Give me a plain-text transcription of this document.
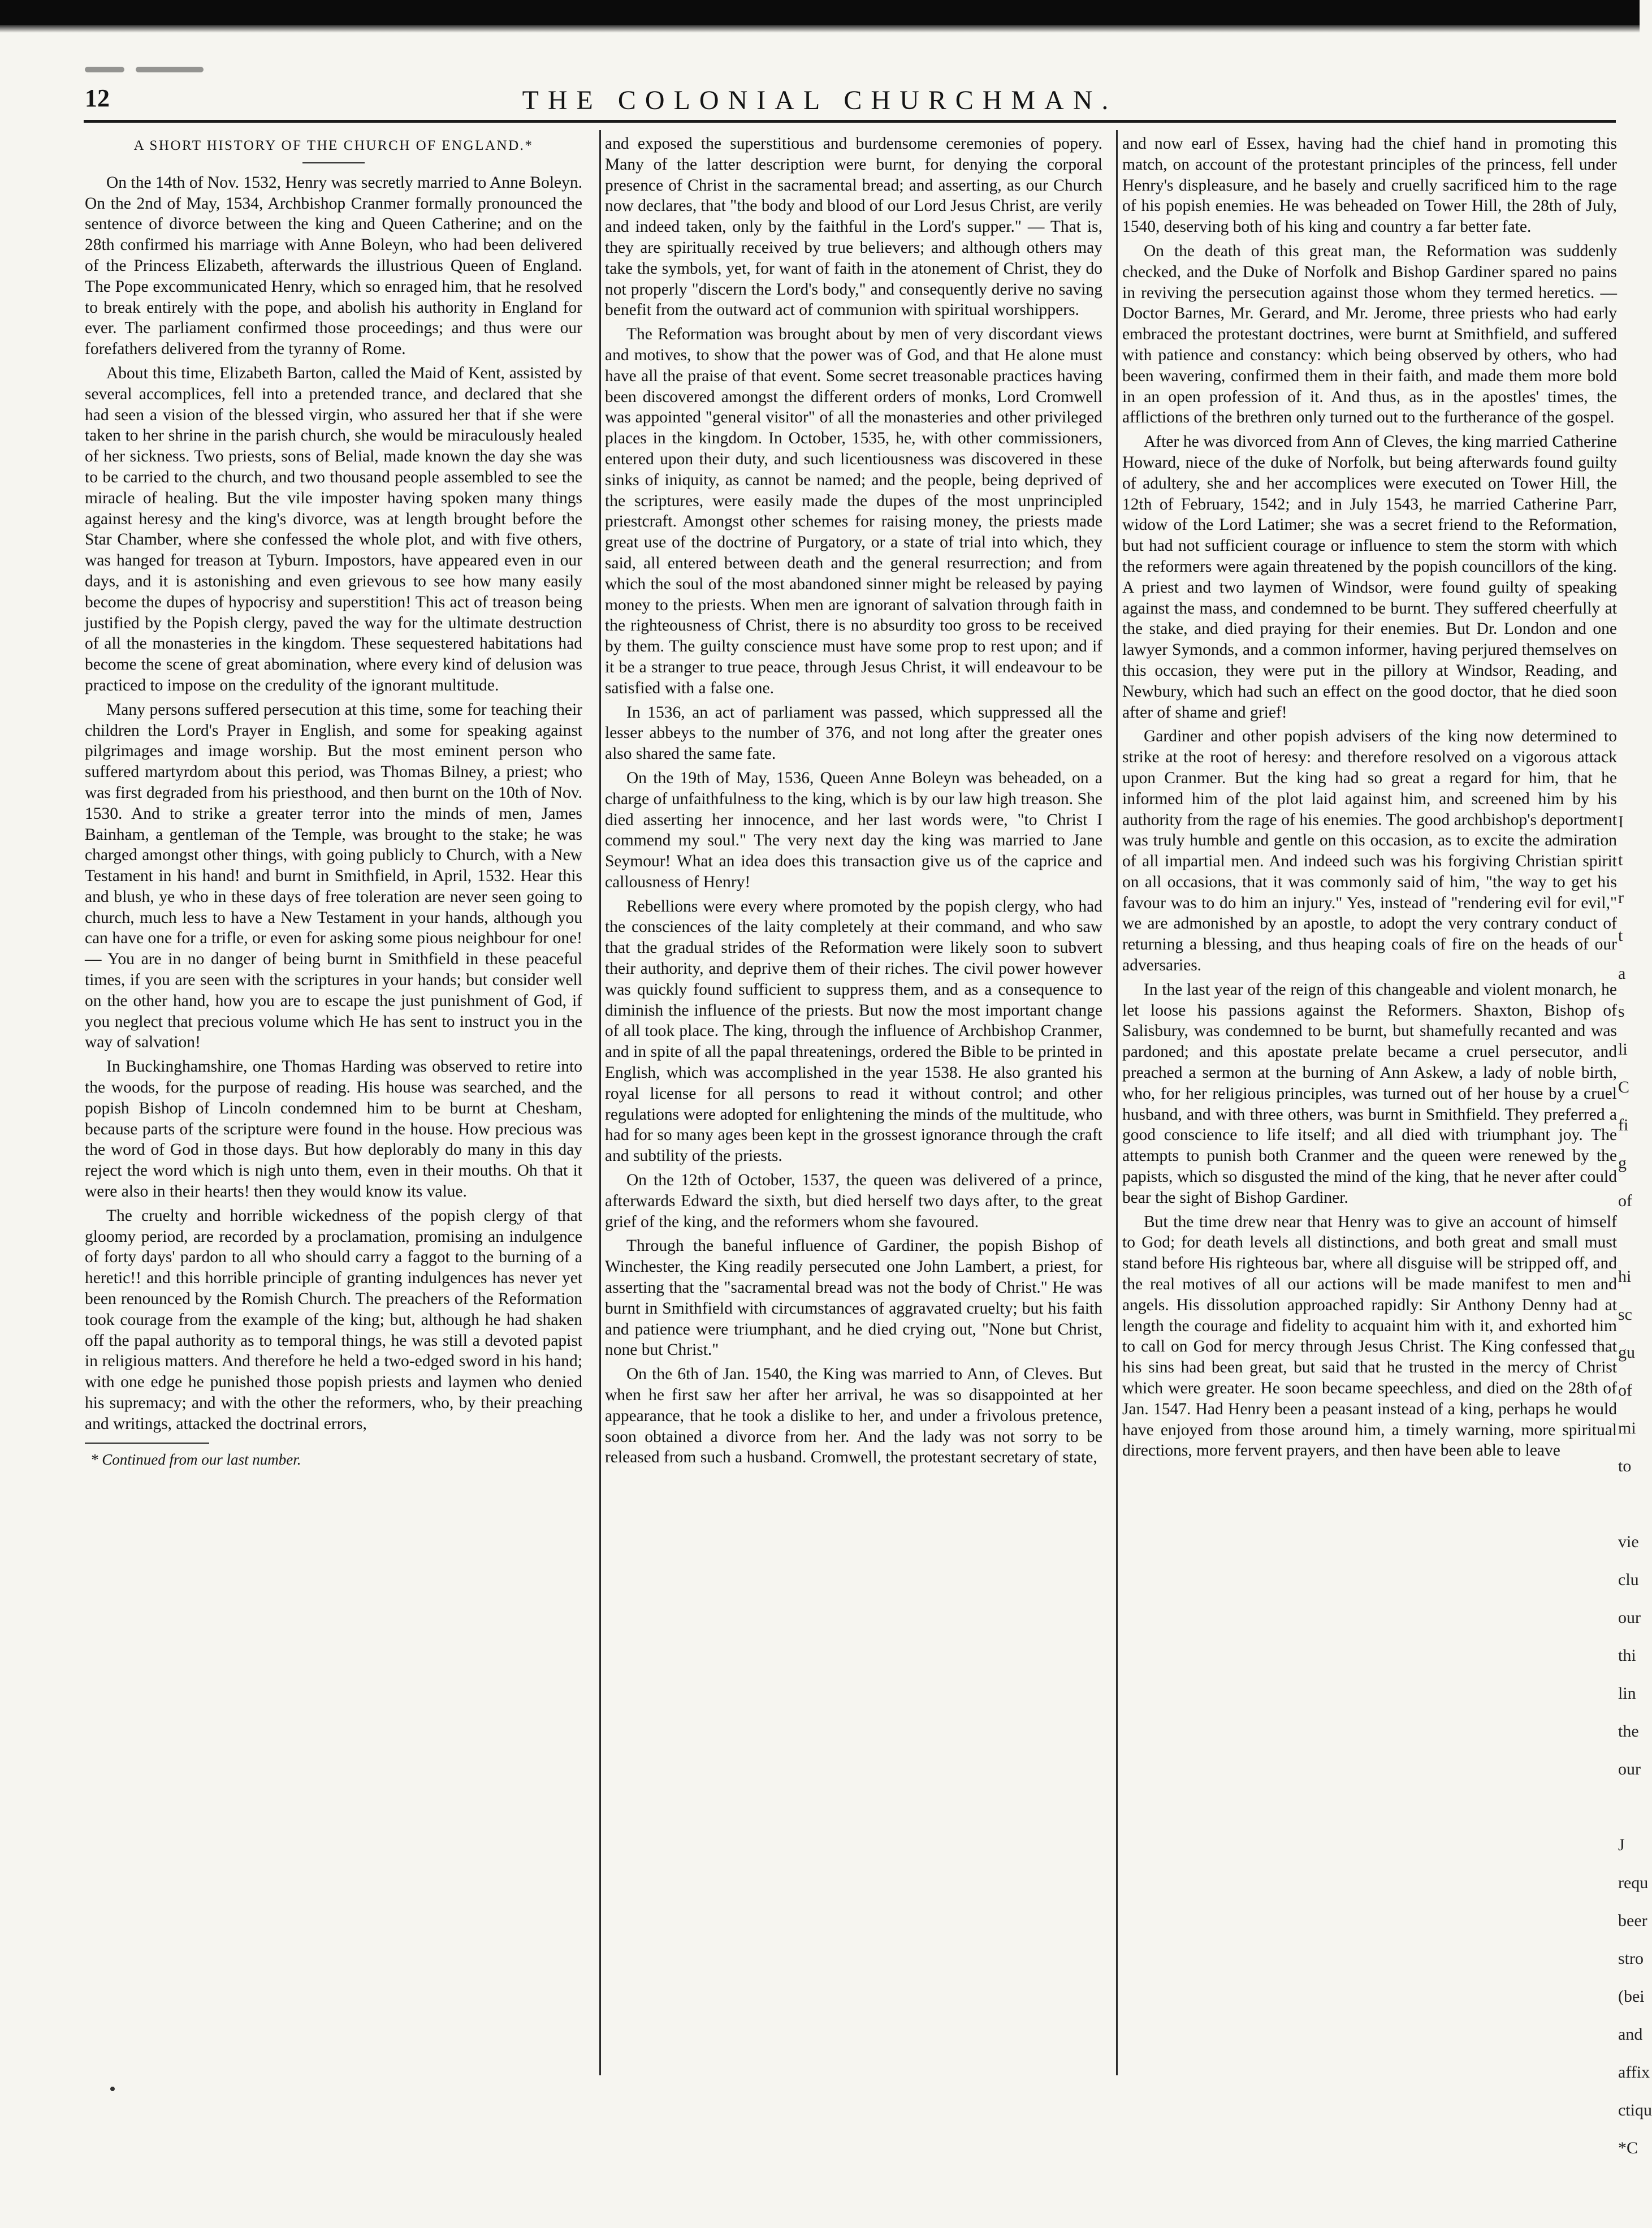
12	THE COLONIAL CHURCHMAN.
A SHORT HISTORY OF THE CHURCH OF ENGLAND.*

On the 14th of Nov. 1532, Henry was secretly married to Anne Boleyn. On the 2nd of May, 1534, Archbishop Cranmer formally pronounced the sentence of divorce between the king and Queen Catherine; and on the 28th confirmed his marriage with Anne Boleyn, who had been delivered of the Princess Elizabeth, afterwards the illustrious Queen of England. The Pope excommunicated Henry, which so enraged him, that he resolved to break entirely with the pope, and abolish his authority in England for ever. The parliament confirmed those proceedings; and thus were our forefathers delivered from the tyranny of Rome.

About this time, Elizabeth Barton, called the Maid of Kent, assisted by several accomplices, fell into a pretended trance, and declared that she had seen a vision of the blessed virgin, who assured her that if she were taken to her shrine in the parish church, she would be miraculously healed of her sickness. Two priests, sons of Belial, made known the day she was to be carried to the church, and two thousand people assembled to see the miracle of healing. But the vile imposter having spoken many things against heresy and the king's divorce, was at length brought before the Star Chamber, where she confessed the whole plot, and with five others, was hanged for treason at Tyburn. Impostors, have appeared even in our days, and it is astonishing and even grievous to see how many easily become the dupes of hypocrisy and superstition! This act of treason being justified by the Popish clergy, paved the way for the ultimate destruction of all the monasteries in the kingdom. These sequestered habitations had become the scene of great abomination, where every kind of delusion was practiced to impose on the credulity of the ignorant multitude.

Many persons suffered persecution at this time, some for teaching their children the Lord's Prayer in English, and some for speaking against pilgrimages and image worship. But the most eminent person who suffered martyrdom about this period, was Thomas Bilney, a priest; who was first degraded from his priesthood, and then burnt on the 10th of Nov. 1530. And to strike a greater terror into the minds of men, James Bainham, a gentleman of the Temple, was brought to the stake; he was charged amongst other things, with going publicly to Church, with a New Testament in his hand! and burnt in Smithfield, in April, 1532. Hear this and blush, ye who in these days of free toleration are never seen going to church, much less to have a New Testament in your hands, although you can have one for a trifle, or even for asking some pious neighbour for one! — You are in no danger of being burnt in Smithfield in these peaceful times, if you are seen with the scriptures in your hands; but consider well on the other hand, how you are to escape the just punishment of God, if you neglect that precious volume which He has sent to instruct you in the way of salvation!

In Buckinghamshire, one Thomas Harding was observed to retire into the woods, for the purpose of reading. His house was searched, and the popish Bishop of Lincoln condemned him to be burnt at Chesham, because parts of the scripture were found in the house. How precious was the word of God in those days. But how deplorably do many in this day reject the word which is nigh unto them, even in their mouths. Oh that it were also in their hearts! then they would know its value.

The cruelty and horrible wickedness of the popish clergy of that gloomy period, are recorded by a proclamation, promising an indulgence of forty days' pardon to all who should carry a faggot to the burning of a heretic!! and this horrible principle of granting indulgences has never yet been renounced by the Romish Church. The preachers of the Reformation took courage from the example of the king; but, although he had shaken off the papal authority as to temporal things, he was still a devoted papist in religious matters. And therefore he held a two-edged sword in his hand; with one edge he punished those popish priests and laymen who denied his supremacy; and with the other the reformers, who, by their preaching and writings, attacked the doctrinal errors,

* Continued from our last number.

and exposed the superstitious and burdensome ceremonies of popery. Many of the latter description were burnt, for denying the corporal presence of Christ in the sacramental bread; and asserting, as our Church now declares, that "the body and blood of our Lord Jesus Christ, are verily and indeed taken, only by the faithful in the Lord's supper." — That is, they are spiritually received by true believers; and although others may take the symbols, yet, for want of faith in the atonement of Christ, they do not properly "discern the Lord's body," and consequently derive no saving benefit from the outward act of communion with spiritual worshippers.

The Reformation was brought about by men of very discordant views and motives, to show that the power was of God, and that He alone must have all the praise of that event. Some secret treasonable practices having been discovered amongst the different orders of monks, Lord Cromwell was appointed "general visitor" of all the monasteries and other privileged places in the kingdom. In October, 1535, he, with other commissioners, entered upon their duty, and such licentiousness was discovered in these sinks of iniquity, as cannot be named; and the people, being deprived of the scriptures, were easily made the dupes of the most unprincipled priestcraft. Amongst other schemes for raising money, the priests made great use of the doctrine of Purgatory, or a state of trial into which, they said, all entered between death and the general resurrection; and from which the soul of the most abandoned sinner might be released by paying money to the priests. When men are ignorant of salvation through faith in the righteousness of Christ, there is no absurdity too gross to be received by them. The guilty conscience must have some prop to rest upon; and if it be a stranger to true peace, through Jesus Christ, it will endeavour to be satisfied with a false one.

In 1536, an act of parliament was passed, which suppressed all the lesser abbeys to the number of 376, and not long after the greater ones also shared the same fate.

On the 19th of May, 1536, Queen Anne Boleyn was beheaded, on a charge of unfaithfulness to the king, which is by our law high treason. She died asserting her innocence, and her last words were, "to Christ I commend my soul." The very next day the king was married to Jane Seymour! What an idea does this transaction give us of the caprice and callousness of Henry!

Rebellions were every where promoted by the popish clergy, who had the consciences of the laity completely at their command, and who saw that the gradual strides of the Reformation were likely soon to subvert their authority, and deprive them of their riches. The civil power however was quickly found sufficient to suppress them, and as a consequence to diminish the influence of the priests. But now the most important change of all took place. The king, through the influence of Archbishop Cranmer, and in spite of all the papal threatenings, ordered the Bible to be printed in English, which was accomplished in the year 1538. He also granted his royal license for all persons to read it without control; and other regulations were adopted for enlightening the minds of the multitude, who had for so many ages been kept in the grossest ignorance through the craft and subtility of the priests.

On the 12th of October, 1537, the queen was delivered of a prince, afterwards Edward the sixth, but died herself two days after, to the great grief of the king, and the reformers whom she favoured.

Through the baneful influence of Gardiner, the popish Bishop of Winchester, the King readily persecuted one John Lambert, a priest, for asserting that the "sacramental bread was not the body of Christ." He was burnt in Smithfield with circumstances of aggravated cruelty; but his faith and patience were triumphant, and he died crying out, "None but Christ, none but Christ."

On the 6th of Jan. 1540, the King was married to Ann, of Cleves. But when he first saw her after her arrival, he was so disappointed at her appearance, that he took a dislike to her, and under a frivolous pretence, soon obtained a divorce from her. And the lady was not sorry to be released from such a husband. Cromwell, the protestant secretary of state,

and now earl of Essex, having had the chief hand in promoting this match, on account of the protestant principles of the princess, fell under Henry's displeasure, and he basely and cruelly sacrificed him to the rage of his popish enemies. He was beheaded on Tower Hill, the 28th of July, 1540, deserving both of his king and country a far better fate.

On the death of this great man, the Reformation was suddenly checked, and the Duke of Norfolk and Bishop Gardiner spared no pains in reviving the persecution against those whom they termed heretics. — Doctor Barnes, Mr. Gerard, and Mr. Jerome, three priests who had early embraced the protestant doctrines, were burnt at Smithfield, and suffered with patience and constancy: which being observed by others, who had been wavering, confirmed them in their faith, and made them more bold in an open profession of it. And thus, as in the apostles' times, the afflictions of the brethren only turned out to the furtherance of the gospel.

After he was divorced from Ann of Cleves, the king married Catherine Howard, niece of the duke of Norfolk, but being afterwards found guilty of adultery, she and her accomplices were executed on Tower Hill, the 12th of February, 1542; and in July 1543, he married Catherine Parr, widow of the Lord Latimer; she was a secret friend to the Reformation, but had not sufficient courage or influence to stem the storm with which the reformers were again threatened by the popish councillors of the king. A priest and two laymen of Windsor, were found guilty of speaking against the mass, and condemned to be burnt. They suffered cheerfully at the stake, and died praying for their enemies. But Dr. London and one lawyer Symonds, and a common informer, having perjured themselves on this occasion, they were put in the pillory at Windsor, Reading, and Newbury, which had such an effect on the good doctor, that he died soon after of shame and grief!

Gardiner and other popish advisers of the king now determined to strike at the root of heresy: and therefore resolved on a vigorous attack upon Cranmer. But the king had so great a regard for him, that he informed him of the plot laid against him, and screened him by his authority from the rage of his enemies. The good archbishop's deportment was truly humble and gentle on this occasion, as to excite the admiration of all impartial men. And indeed such was his forgiving Christian spirit on all occasions, that it was commonly said of him, "the way to get his favour was to do him an injury." Yes, instead of "rendering evil for evil," we are admonished by an apostle, to adopt the very contrary conduct of returning a blessing, and thus heaping coals of fire on the heads of our adversaries.

In the last year of the reign of this changeable and violent monarch, he let loose his passions against the Reformers. Shaxton, Bishop of Salisbury, was condemned to be burnt, but shamefully recanted and was pardoned; and this apostate prelate became a cruel persecutor, and preached a sermon at the burning of Ann Askew, a lady of noble birth, who, for her religious principles, was turned out of her house by a cruel husband, and with three others, was burnt in Smithfield. They preferred a good conscience to life itself; and all died with triumphant joy. The attempts to punish both Cranmer and the queen were renewed by the papists, which so disgusted the mind of the king, that he never after could bear the sight of Bishop Gardiner.

But the time drew near that Henry was to give an account of himself to God; for death levels all distinctions, and both great and small must stand before His righteous bar, where all disguise will be stripped off, and the real motives of all our actions will be made manifest to men and angels. His dissolution approached rapidly: Sir Anthony Denny had at length the courage and fidelity to acquaint him with it, and exhorted him to call on God for mercy through Jesus Christ. The King confessed that his sins had been great, but said that he trusted in the mercy of Christ which were greater. He soon became speechless, and died on the 28th of Jan. 1547. Had Henry been a peasant instead of a king, perhaps he would have enjoyed from those around him, a timely warning, more spiritual directions, more fervent prayers, and then have been able to leave

I
t
r
t
a
s
li
C
fi
g
of
hi
sc
gu
of
mi
to
vie
clu
our
thi
lin
the
our
J
requ
beer
stro
(bei
and
affix
ctiqu
*C
